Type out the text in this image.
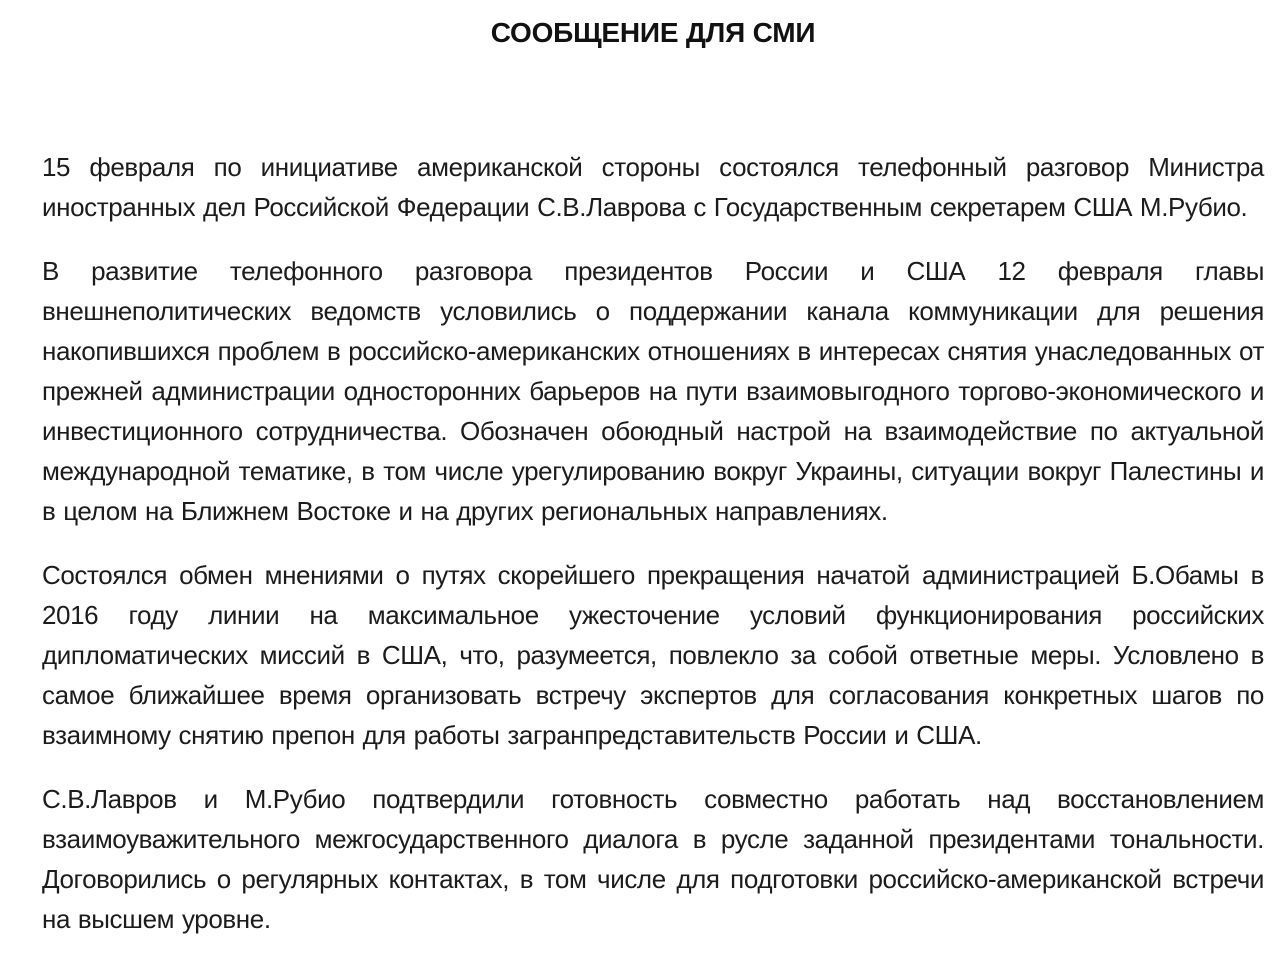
СООБЩЕНИЕ ДЛЯ СМИ

15 февраля по инициативе американской стороны состоялся телефонный разговор Министра иностранных дел Российской Федерации С.В.Лаврова с Государственным секретарем США М.Рубио.

В развитие телефонного разговора президентов России и США 12 февраля главы внешнеполитических ведомств условились о поддержании канала коммуникации для решения накопившихся проблем в российско-американских отношениях в интересах снятия унаследованных от прежней администрации односторонних барьеров на пути взаимовыгодного торгово-экономического и инвестиционного сотрудничества. Обозначен обоюдный настрой на взаимодействие по актуальной международной тематике, в том числе урегулированию вокруг Украины, ситуации вокруг Палестины и в целом на Ближнем Востоке и на других региональных направлениях.

Состоялся обмен мнениями о путях скорейшего прекращения начатой администрацией Б.Обамы в 2016 году линии на максимальное ужесточение условий функционирования российских дипломатических миссий в США, что, разумеется, повлекло за собой ответные меры. Условлено в самое ближайшее время организовать встречу экспертов для согласования конкретных шагов по взаимному снятию препон для работы загранпредставительств России и США.

С.В.Лавров и М.Рубио подтвердили готовность совместно работать над восстановлением взаимоуважительного межгосударственного диалога в русле заданной президентами тональности. Договорились о регулярных контактах, в том числе для подготовки российско-американской встречи на высшем уровне.
